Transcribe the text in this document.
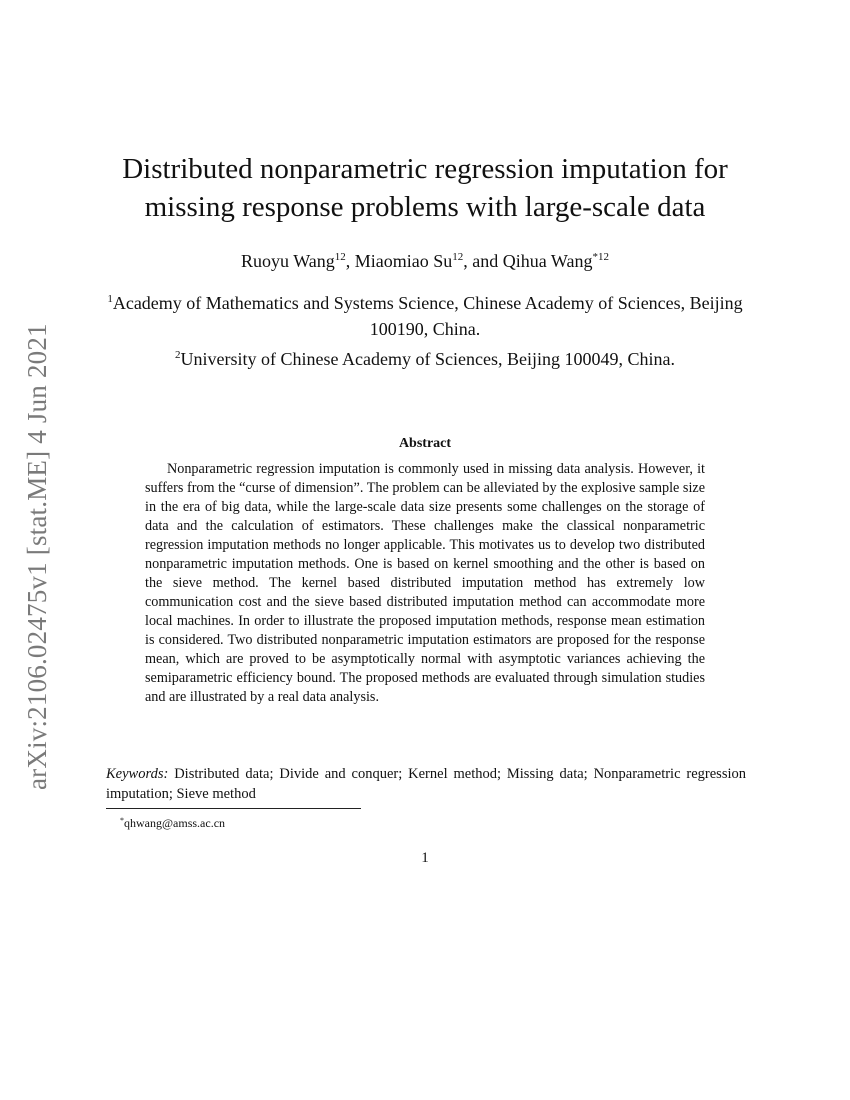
arXiv:2106.02475v1 [stat.ME] 4 Jun 2021
Distributed nonparametric regression imputation for
missing response problems with large-scale data
Ruoyu Wang$^{12}$, Miaomiao Su$^{12}$, and Qihua Wang$^{*12}$
$^1$Academy of Mathematics and Systems Science, Chinese Academy of Sciences, Beijing 100190, China.
$^2$University of Chinese Academy of Sciences, Beijing 100049, China.
Abstract
Nonparametric regression imputation is commonly used in missing data analysis. However, it suffers from the “curse of dimension”. The problem can be alleviated by the explosive sample size in the era of big data, while the large-scale data size presents some challenges on the storage of data and the calculation of estimators. These challenges make the classical nonparametric regression imputation methods no longer applicable. This motivates us to develop two distributed nonparametric imputation methods. One is based on kernel smoothing and the other is based on the sieve method. The kernel based distributed imputation method has extremely low communication cost and the sieve based distributed imputation method can accommodate more local machines. In order to illustrate the proposed imputation methods, response mean estimation is considered. Two distributed nonparametric imputation estimators are proposed for the response mean, which are proved to be asymptotically normal with asymptotic variances achieving the semiparametric efficiency bound. The proposed methods are evaluated through simulation studies and are illustrated by a real data analysis.
Keywords: Distributed data; Divide and conquer; Kernel method; Missing data; Nonparametric regression imputation; Sieve method
*qhwang@amss.ac.cn
1
